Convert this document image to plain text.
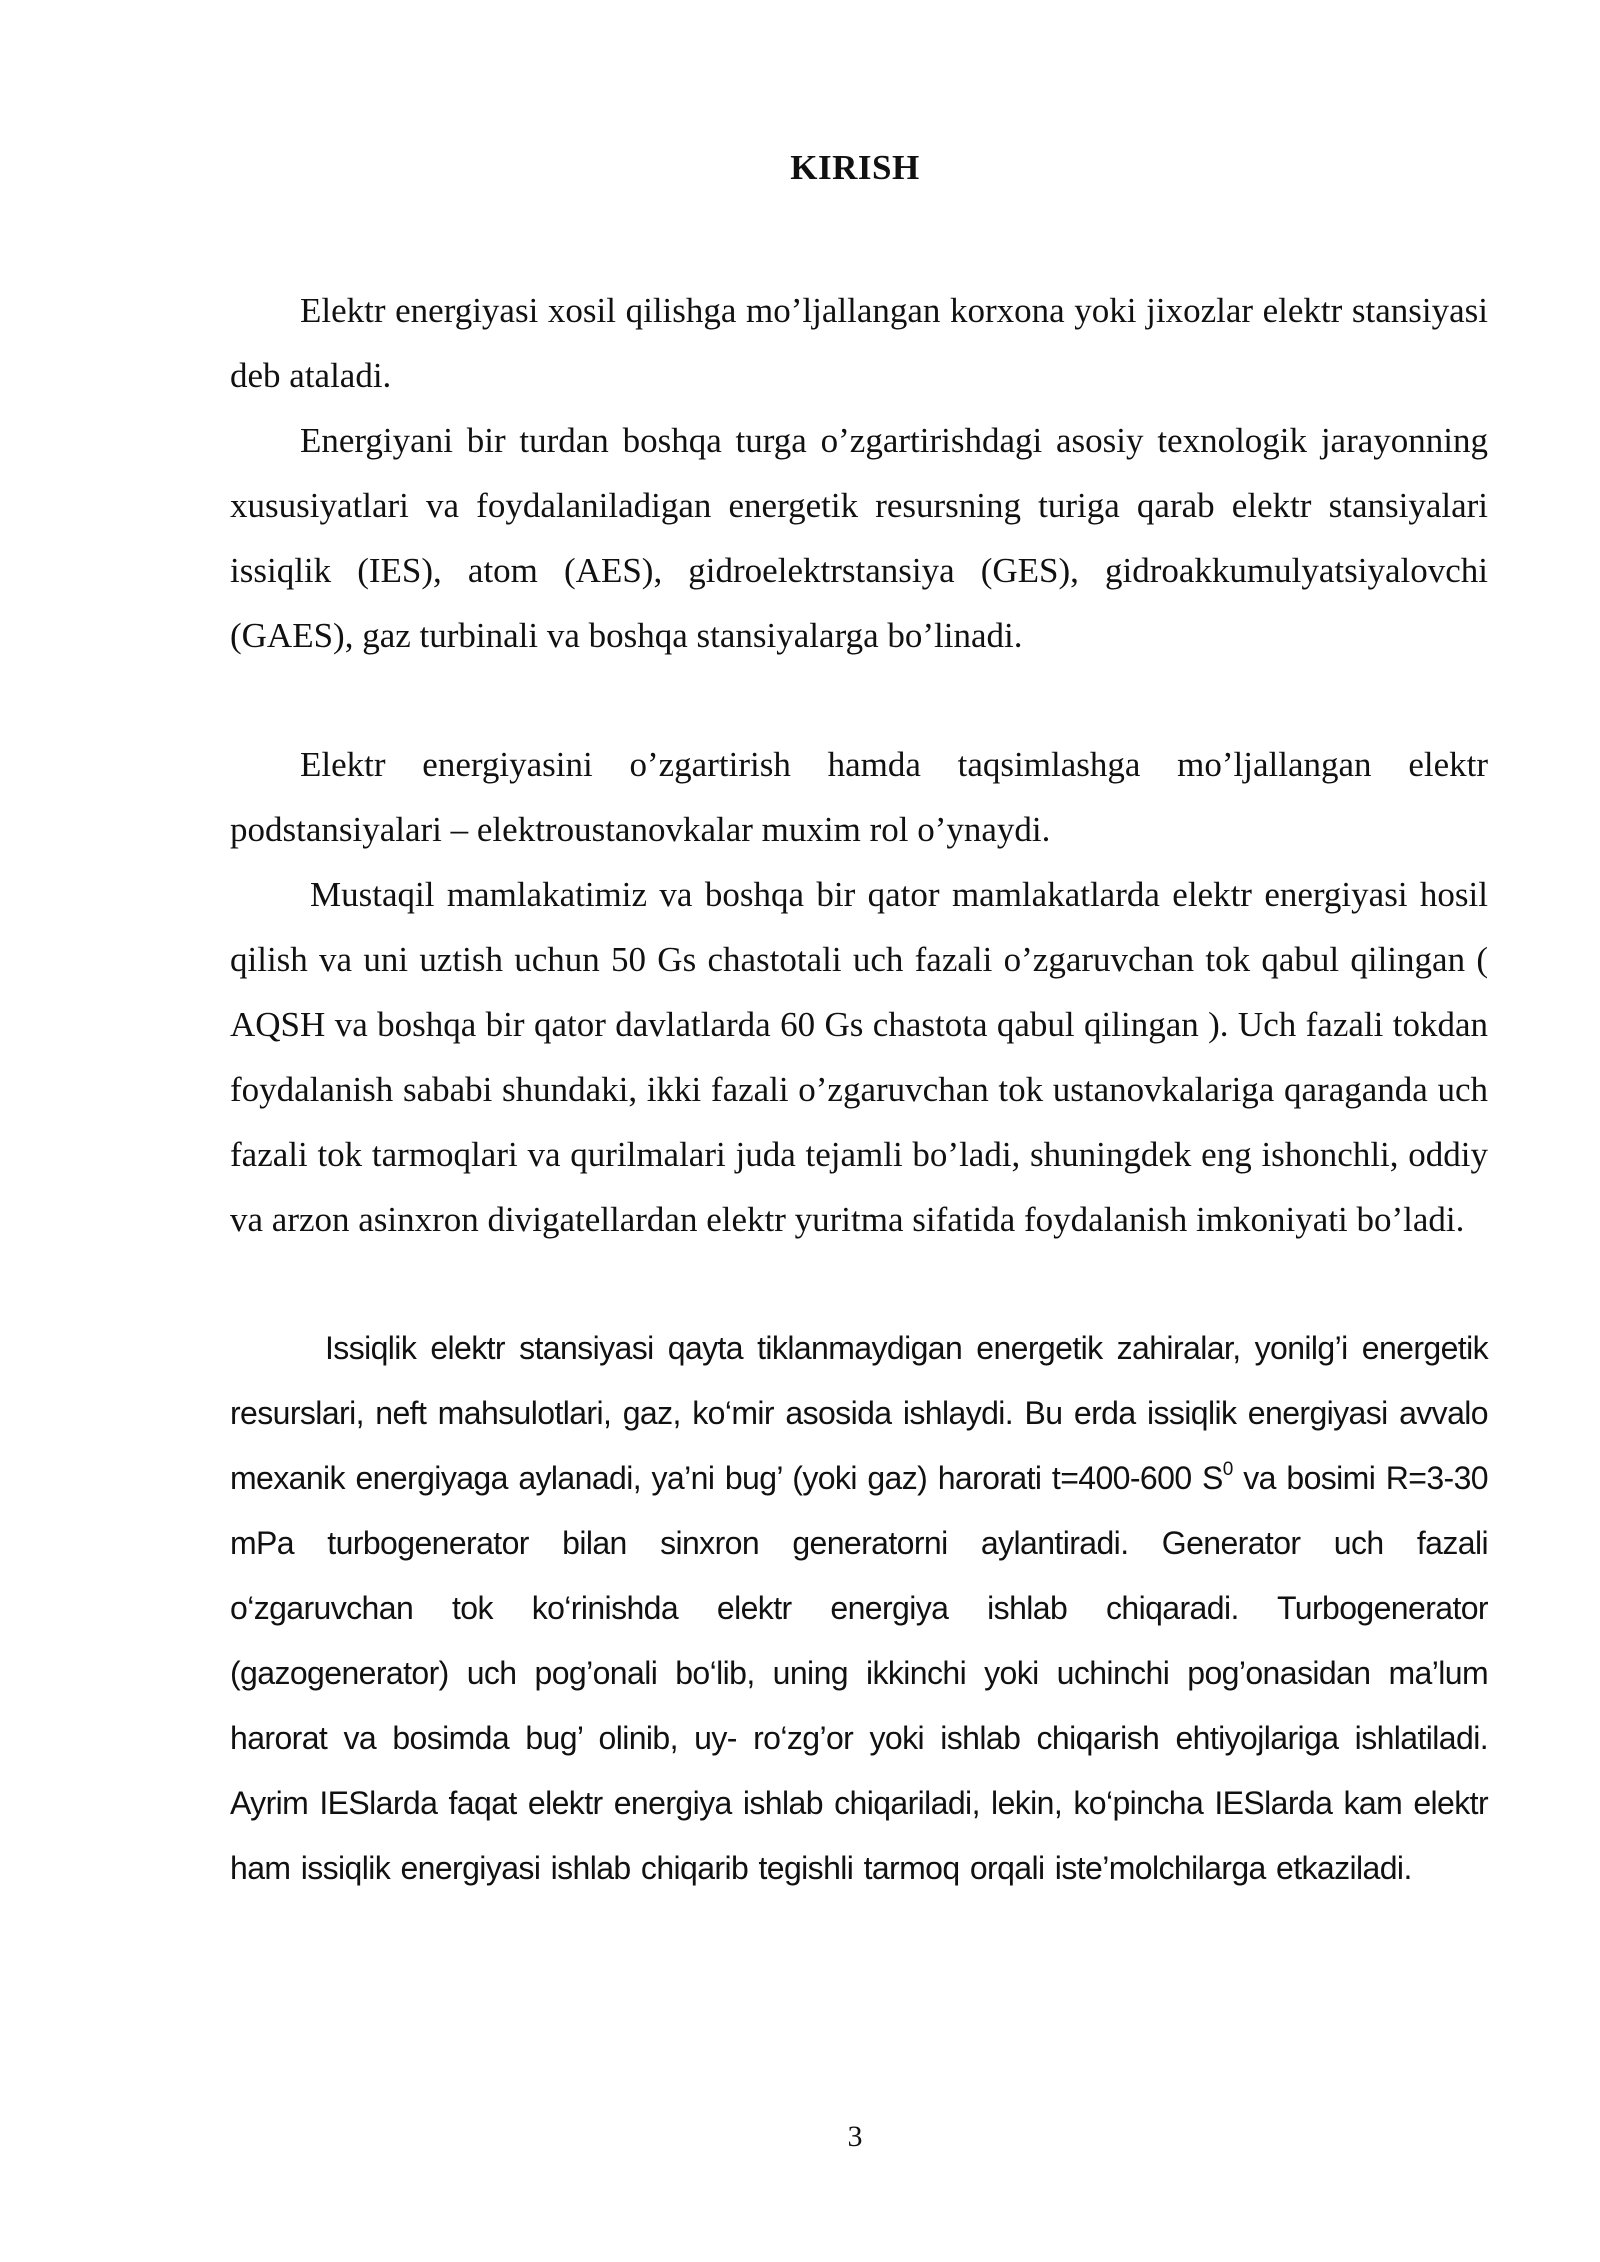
KIRISH

Elektr energiyasi xosil qilishga mo’ljallangan korxona yoki jixozlar elektr stansiyasi deb ataladi.

Energiyani bir turdan boshqa turga o’zgartirishdagi asosiy texnologik jarayonning xususiyatlari va foydalaniladigan energetik resursning turiga qarab elektr stansiyalari issiqlik (IES), atom (AES), gidroelektrstansiya (GES), gidroakkumulyatsiyalovchi (GAES), gaz turbinali va boshqa stansiyalarga bo’linadi.

Elektr energiyasini o’zgartirish hamda taqsimlashga mo’ljallangan elektr podstansiyalari – elektroustanovkalar muxim rol o’ynaydi.

Mustaqil mamlakatimiz va boshqa bir qator mamlakatlarda elektr energiyasi hosil qilish va uni uztish uchun 50 Gs chastotali uch fazali o’zgaruvchan tok qabul qilingan ( AQSH va boshqa bir qator davlatlarda 60 Gs chastota qabul qilingan ). Uch fazali tokdan foydalanish sababi shundaki, ikki fazali o’zgaruvchan tok ustanovkalariga qaraganda uch fazali tok tarmoqlari va qurilmalari juda tejamli bo’ladi, shuningdek eng ishonchli, oddiy va arzon asinxron divigatellardan elektr yuritma sifatida foydalanish imkoniyati bo’ladi.

Issiqlik elektr stansiyasi qayta tiklanmaydigan energetik zahiralar, yonilg’i energetik resurslari, neft mahsulotlari, gaz, ko‘mir asosida ishlaydi. Bu erda issiqlik energiyasi avvalo mexanik energiyaga aylanadi, ya’ni bug’ (yoki gaz) harorati t=400-600 $S^0$ va bosimi R=3-30 mPa turbogenerator bilan sinxron generatorni aylantiradi. Generator uch fazali o‘zgaruvchan tok ko‘rinishda elektr energiya ishlab chiqaradi. Turbogenerator (gazogenerator) uch pog’onali bo‘lib, uning ikkinchi yoki uchinchi pog’onasidan ma’lum harorat va bosimda bug’ olinib, uy- ro‘zg’or yoki ishlab chiqarish ehtiyojlariga ishlatiladi. Ayrim IESlarda faqat elektr energiya ishlab chiqariladi, lekin, ko‘pincha IESlarda kam elektr ham issiqlik energiyasi ishlab chiqarib tegishli tarmoq orqali iste’molchilarga etkaziladi.

3
